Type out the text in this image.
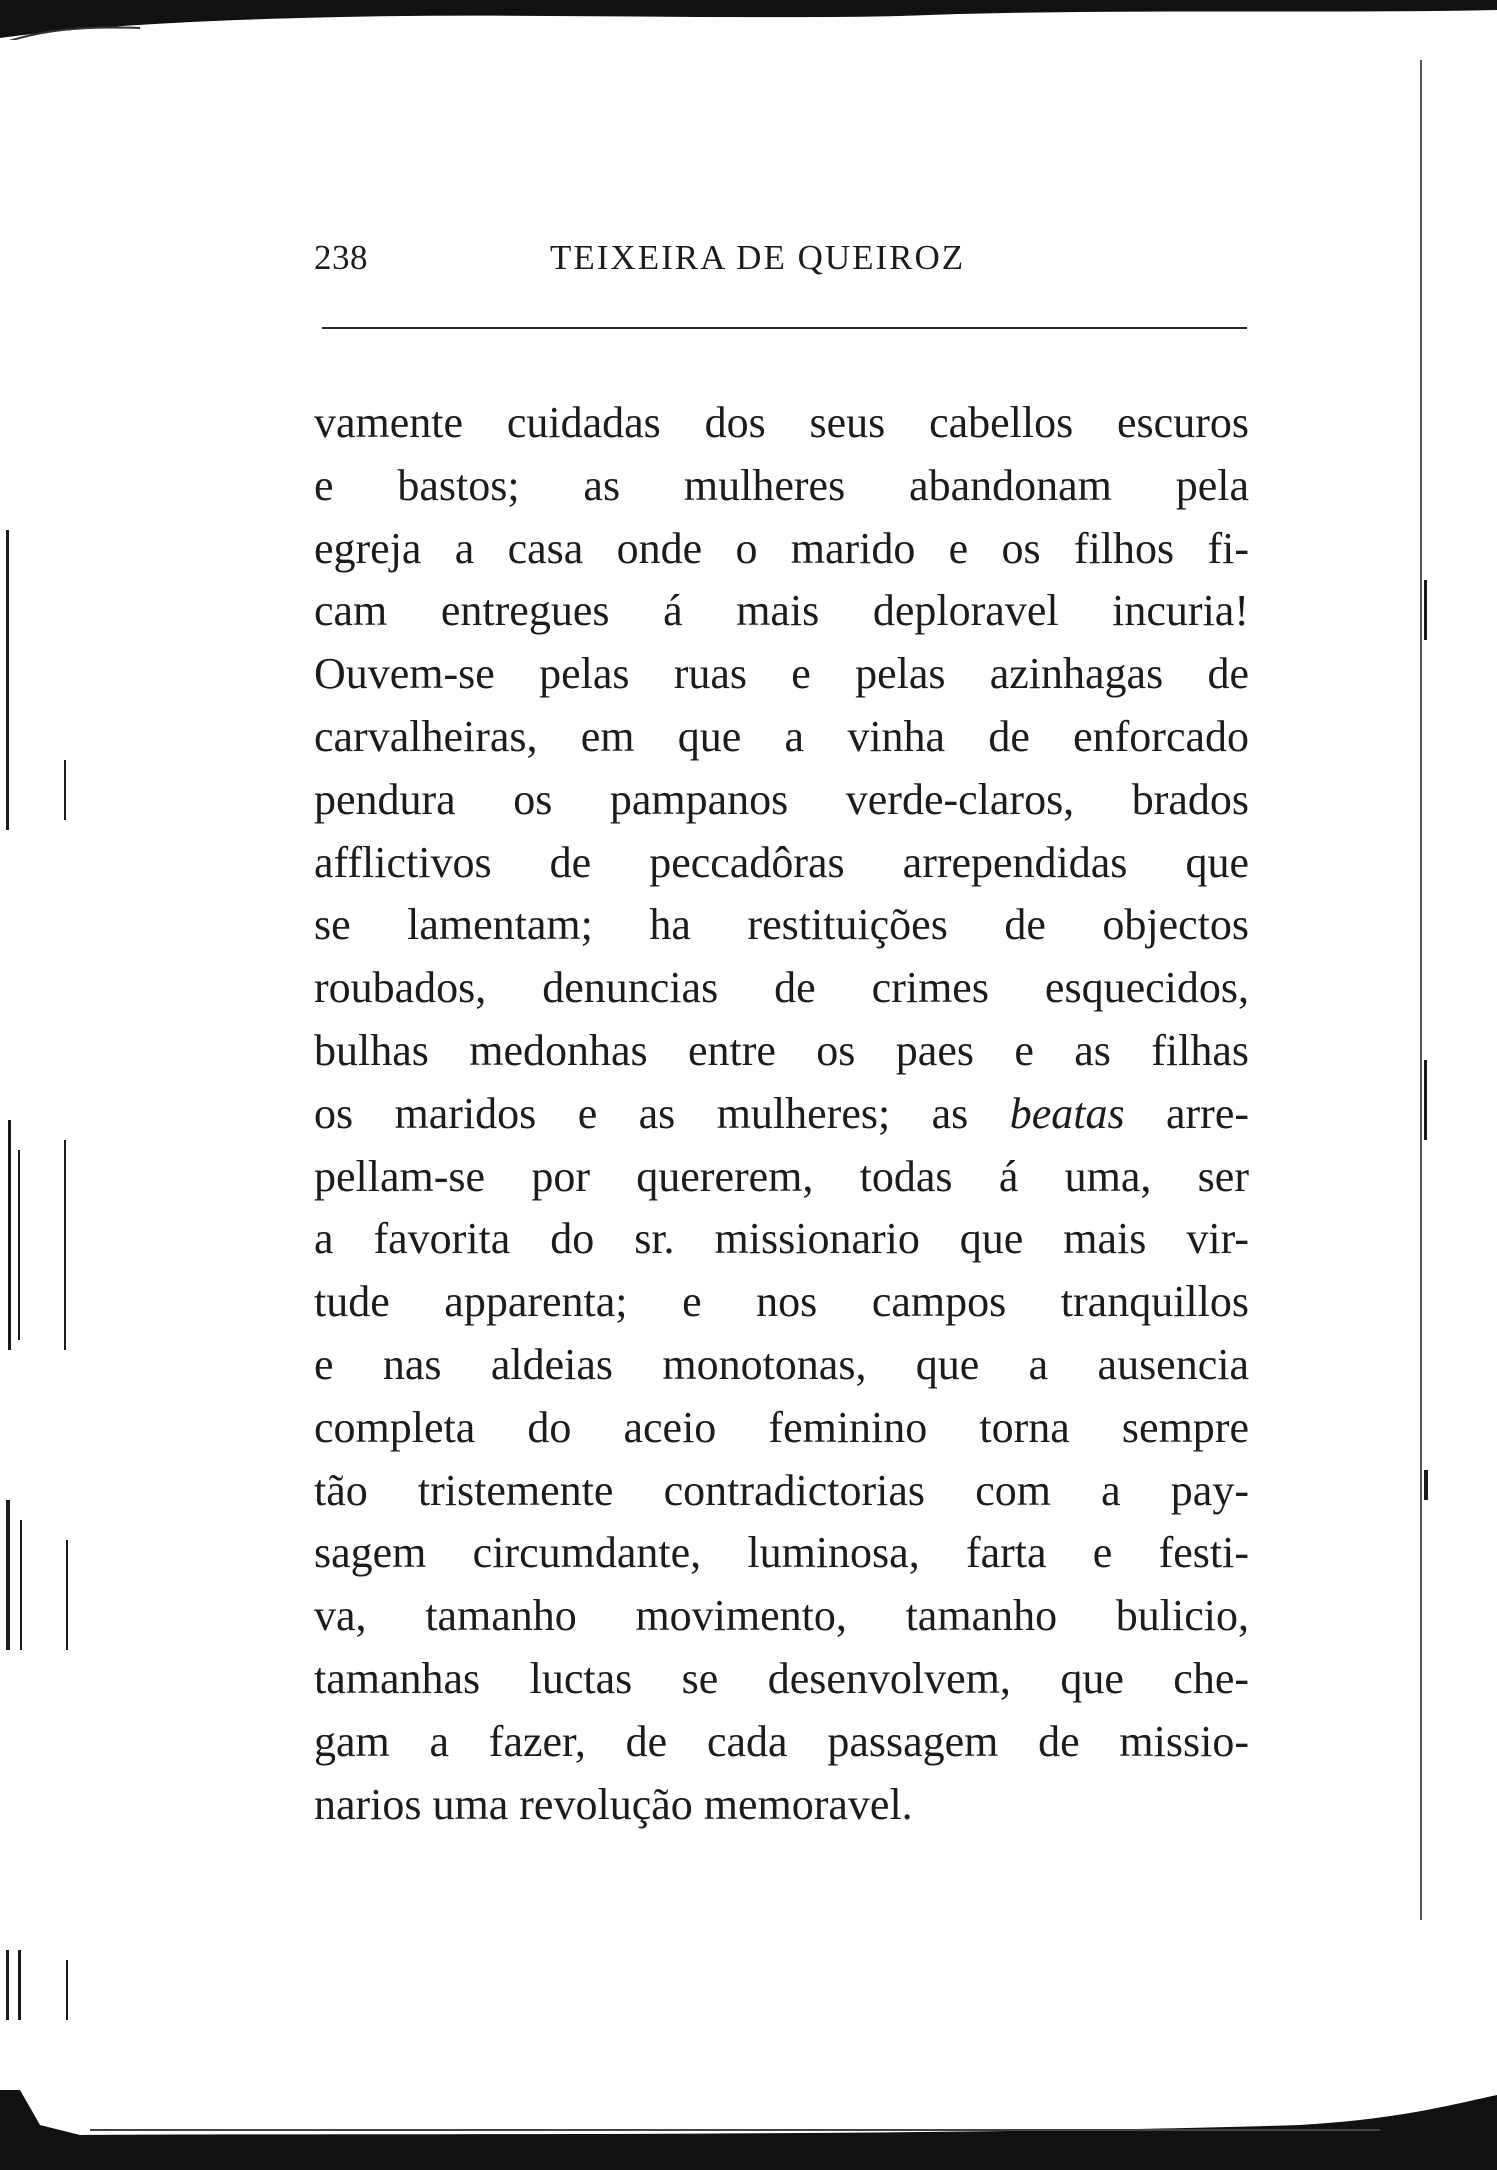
238	TEIXEIRA DE QUEIROZ
vamente cuidadas dos seus cabellos escuros
e bastos; as mulheres abandonam pela
egreja a casa onde o marido e os filhos fi-
cam entregues á mais deploravel incuria!
Ouvem-se pelas ruas e pelas azinhagas de
carvalheiras, em que a vinha de enforcado
pendura os pampanos verde-claros, brados
afflictivos de peccadôras arrependidas que
se lamentam; ha restituições de objectos
roubados, denuncias de crimes esquecidos,
bulhas medonhas entre os paes e as filhas
os maridos e as mulheres; as beatas arre-
pellam-se por quererem, todas á uma, ser
a favorita do sr. missionario que mais vir-
tude apparenta; e nos campos tranquillos
e nas aldeias monotonas, que a ausencia
completa do aceio feminino torna sempre
tão tristemente contradictorias com a pay-
sagem circumdante, luminosa, farta e festi-
va, tamanho movimento, tamanho bulicio,
tamanhas luctas se desenvolvem, que che-
gam a fazer, de cada passagem de missio-
narios uma revolução memoravel.
